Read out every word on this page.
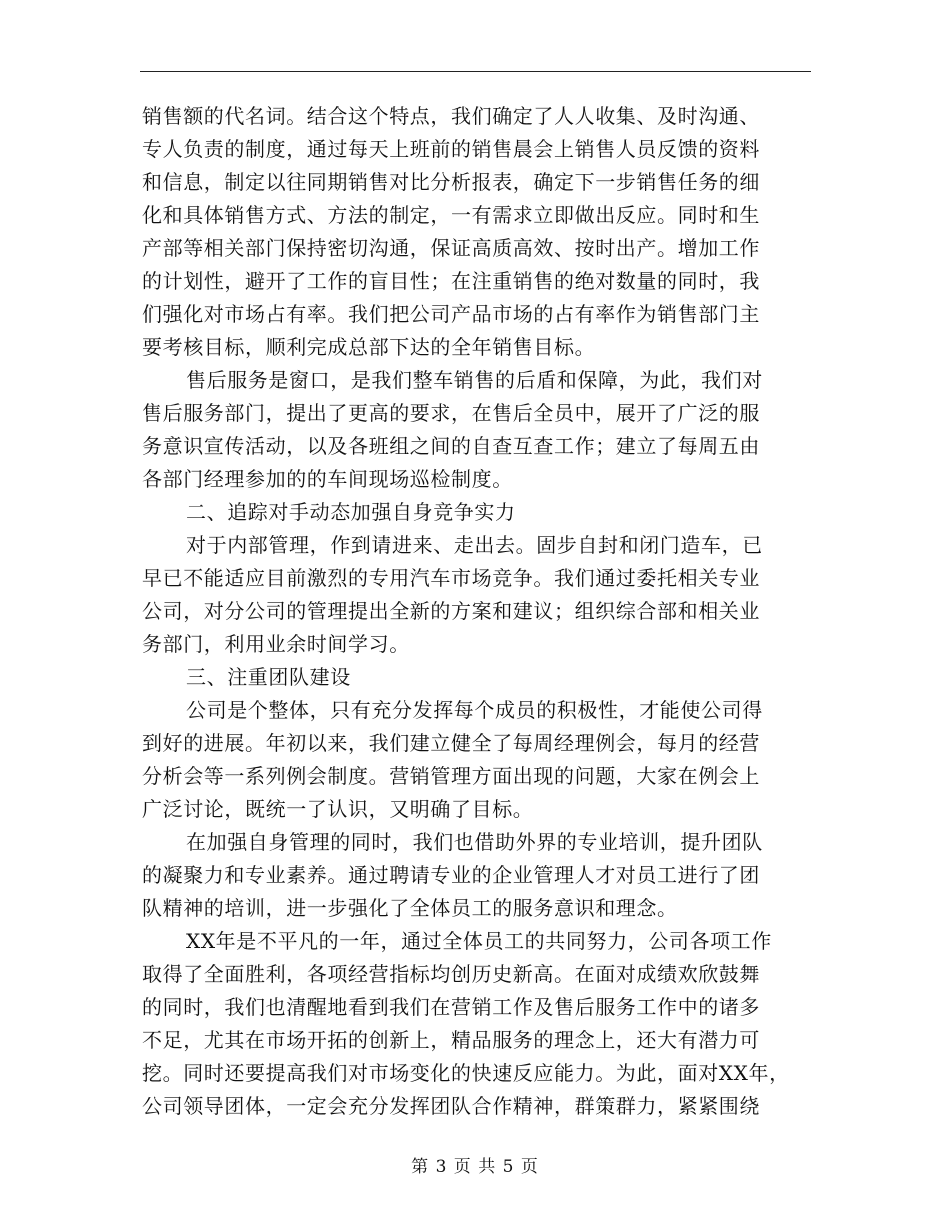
销售额的代名词。结合这个特点，我们确定了人人收集、及时沟通、
专人负责的制度，通过每天上班前的销售晨会上销售人员反馈的资料
和信息，制定以往同期销售对比分析报表，确定下一步销售任务的细
化和具体销售方式、方法的制定，一有需求立即做出反应。同时和生
产部等相关部门保持密切沟通，保证高质高效、按时出产。增加工作
的计划性，避开了工作的盲目性；在注重销售的绝对数量的同时，我
们强化对市场占有率。我们把公司产品市场的占有率作为销售部门主
要考核目标，顺利完成总部下达的全年销售目标。
售后服务是窗口，是我们整车销售的后盾和保障，为此，我们对
售后服务部门，提出了更高的要求，在售后全员中，展开了广泛的服
务意识宣传活动，以及各班组之间的自查互查工作；建立了每周五由
各部门经理参加的的车间现场巡检制度。
二、追踪对手动态加强自身竞争实力
对于内部管理，作到请进来、走出去。固步自封和闭门造车，已
早已不能适应目前激烈的专用汽车市场竞争。我们通过委托相关专业
公司，对分公司的管理提出全新的方案和建议；组织综合部和相关业
务部门，利用业余时间学习。
三、注重团队建设
公司是个整体，只有充分发挥每个成员的积极性，才能使公司得
到好的进展。年初以来，我们建立健全了每周经理例会，每月的经营
分析会等一系列例会制度。营销管理方面出现的问题，大家在例会上
广泛讨论，既统一了认识，又明确了目标。
在加强自身管理的同时，我们也借助外界的专业培训，提升团队
的凝聚力和专业素养。通过聘请专业的企业管理人才对员工进行了团
队精神的培训，进一步强化了全体员工的服务意识和理念。
XX年是不平凡的一年，通过全体员工的共同努力，公司各项工作
取得了全面胜利，各项经营指标均创历史新高。在面对成绩欢欣鼓舞
的同时，我们也清醒地看到我们在营销工作及售后服务工作中的诸多
不足，尤其在市场开拓的创新上，精品服务的理念上，还大有潜力可
挖。同时还要提高我们对市场变化的快速反应能力。为此，面对XX年，
公司领导团体，一定会充分发挥团队合作精神，群策群力，紧紧围绕
第 3 页 共 5 页
